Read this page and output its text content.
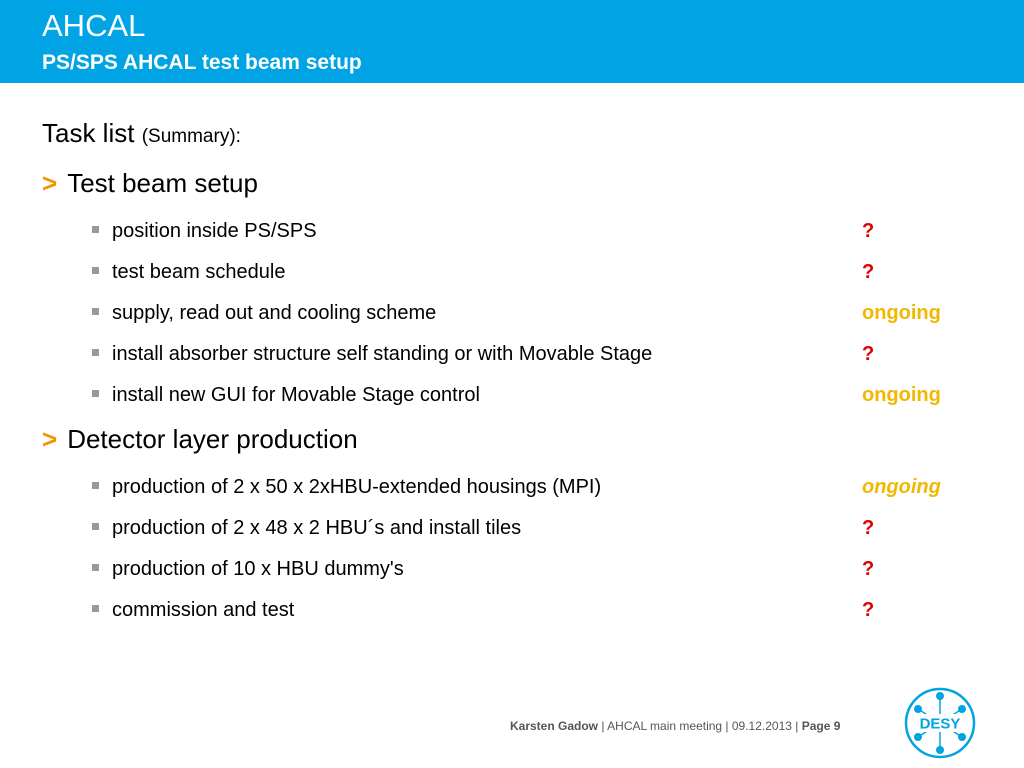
AHCAL
PS/SPS AHCAL test beam setup
Task list (Summary):
> Test beam setup
position inside PS/SPS	?
test beam schedule	?
supply, read out and cooling scheme	ongoing
install absorber structure self standing or with Movable Stage	?
install new GUI for Movable Stage control	ongoing
> Detector layer production
production of 2 x 50 x 2xHBU-extended housings (MPI)	ongoing
production of 2 x 48 x 2 HBU´s and install tiles	?
production of 10 x HBU dummy's	?
commission and test	?
Karsten Gadow | AHCAL main meeting | 09.12.2013 | Page 9	DESY
